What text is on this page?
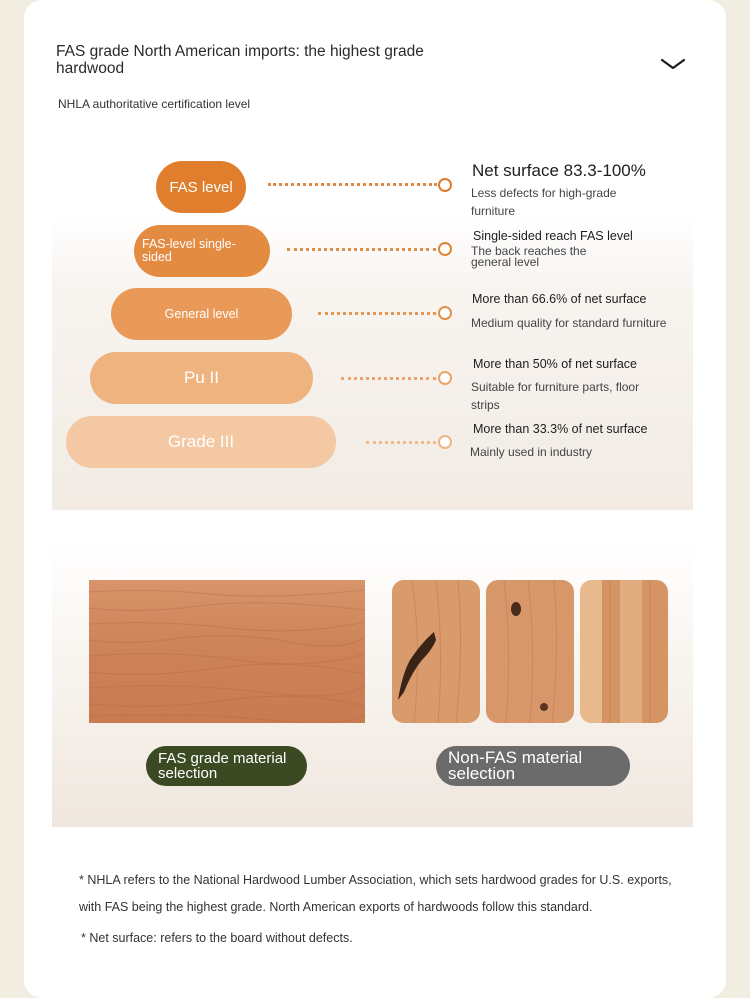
FAS grade North American imports: the highest grade hardwood
NHLA authoritative certification level
FAS level
Net surface 83.3-100%
Less defects for high-grade furniture
FAS-level single-sided
Single-sided reach FAS level
The back reaches the general level
General level
More than 66.6% of net surface
Medium quality for standard furniture
Pu II
More than 50% of net surface
Suitable for furniture parts, floor strips
Grade III
More than 33.3% of net surface
Mainly used in industry
FAS grade material selection
Non-FAS material selection
* NHLA refers to the National Hardwood Lumber Association, which sets hardwood grades for U.S. exports, with FAS being the highest grade. North American exports of hardwoods follow this standard.
* Net surface: refers to the board without defects.
